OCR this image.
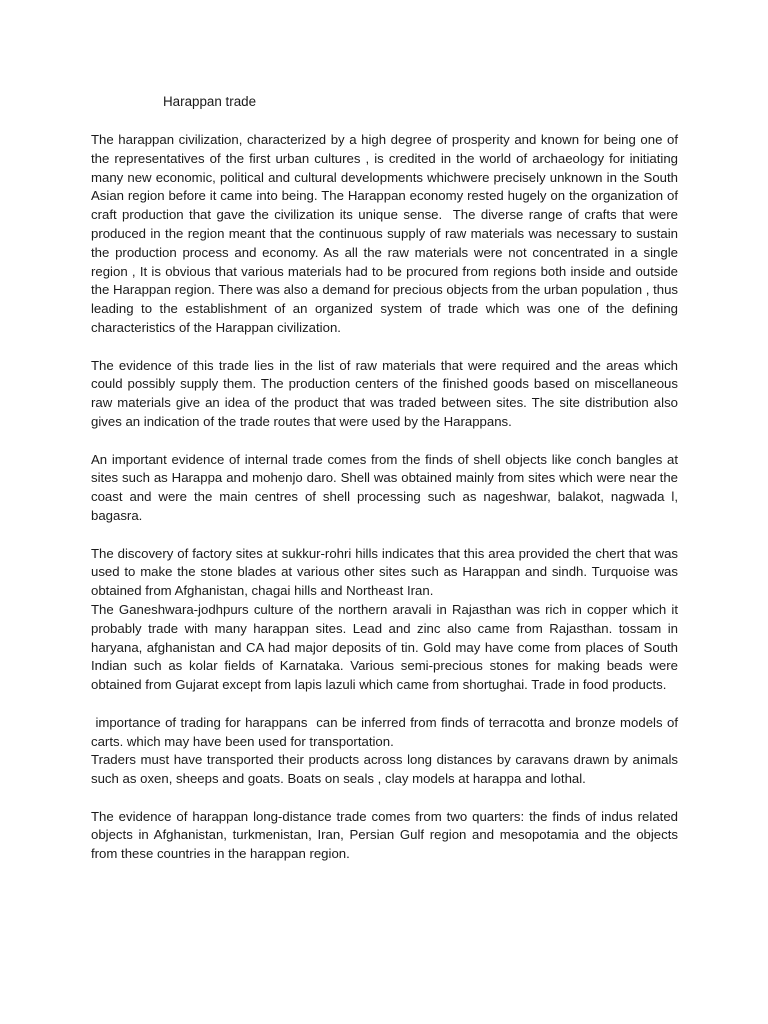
Harappan trade

The harappan civilization, characterized by a high degree of prosperity and known for being one of the representatives of the first urban cultures , is credited in the world of archaeology for initiating many new economic, political and cultural developments whichwere precisely unknown in the South Asian region before it came into being. The Harappan economy rested hugely on the organization of craft production that gave the civilization its unique sense.  The diverse range of crafts that were produced in the region meant that the continuous supply of raw materials was necessary to sustain the production process and economy. As all the raw materials were not concentrated in a single region , It is obvious that various materials had to be procured from regions both inside and outside the Harappan region. There was also a demand for precious objects from the urban population , thus leading to the establishment of an organized system of trade which was one of the defining characteristics of the Harappan civilization.

The evidence of this trade lies in the list of raw materials that were required and the areas which could possibly supply them. The production centers of the finished goods based on miscellaneous raw materials give an idea of the product that was traded between sites. The site distribution also gives an indication of the trade routes that were used by the Harappans.

An important evidence of internal trade comes from the finds of shell objects like conch bangles at sites such as Harappa and mohenjo daro. Shell was obtained mainly from sites which were near the coast and were the main centres of shell processing such as nageshwar, balakot, nagwada l, bagasra.

The discovery of factory sites at sukkur-rohri hills indicates that this area provided the chert that was used to make the stone blades at various other sites such as Harappan and sindh. Turquoise was obtained from Afghanistan, chagai hills and Northeast Iran.

The Ganeshwara-jodhpurs culture of the northern aravali in Rajasthan was rich in copper which it probably trade with many harappan sites. Lead and zinc also came from Rajasthan. tossam in haryana, afghanistan and CA had major deposits of tin. Gold may have come from places of South Indian such as kolar fields of Karnataka. Various semi-precious stones for making beads were obtained from Gujarat except from lapis lazuli which came from shortughai. Trade in food products.

importance of trading for harappans  can be inferred from finds of terracotta and bronze models of carts. which may have been used for transportation.

Traders must have transported their products across long distances by caravans drawn by animals such as oxen, sheeps and goats. Boats on seals , clay models at harappa and lothal.

The evidence of harappan long-distance trade comes from two quarters: the finds of indus related objects in Afghanistan, turkmenistan, Iran, Persian Gulf region and mesopotamia and the objects from these countries in the harappan region.
